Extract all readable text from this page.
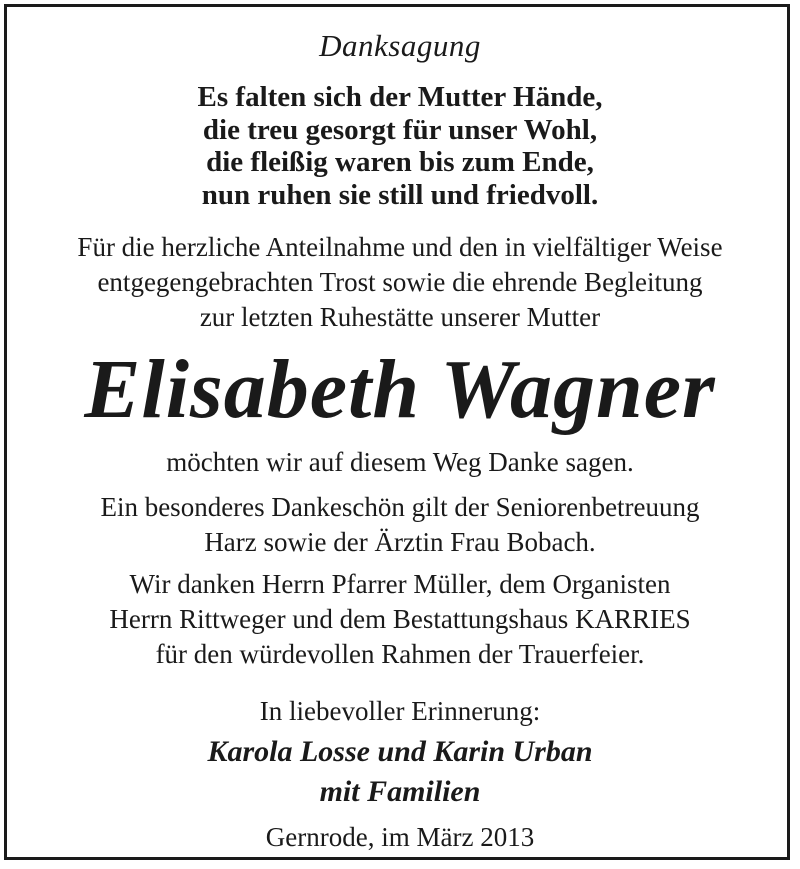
Danksagung
Es falten sich der Mutter Hände,
die treu gesorgt für unser Wohl,
die fleißig waren bis zum Ende,
nun ruhen sie still und friedvoll.
Für die herzliche Anteilnahme und den in vielfältiger Weise
entgegengebrachten Trost sowie die ehrende Begleitung
zur letzten Ruhestätte unserer Mutter
Elisabeth Wagner
möchten wir auf diesem Weg Danke sagen.
Ein besonderes Dankeschön gilt der Seniorenbetreuung
Harz sowie der Ärztin Frau Bobach.
Wir danken Herrn Pfarrer Müller, dem Organisten
Herrn Rittweger und dem Bestattungshaus KARRIES
für den würdevollen Rahmen der Trauerfeier.
In liebevoller Erinnerung:
Karola Losse und Karin Urban
mit Familien
Gernrode, im März 2013
